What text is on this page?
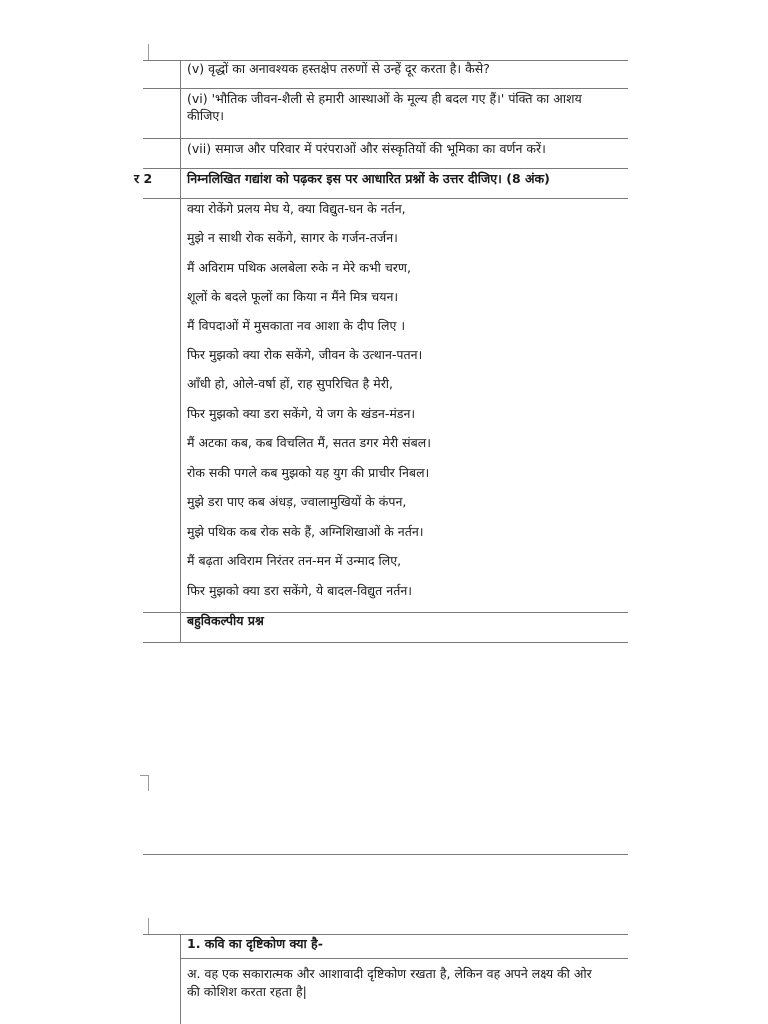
(v) वृद्धों का अनावश्यक हस्तक्षेप तरुणों से उन्हें दूर करता है। कैसे?
(vi) 'भौतिक जीवन-शैली से हमारी आस्थाओं के मूल्य ही बदल गए हैं।' पंक्ति का आशय
कीजिए।
(vii) समाज और परिवार में परंपराओं और संस्कृतियों की भूमिका का वर्णन करें।
र 2	निम्नलिखित गद्यांश को पढ़कर इस पर आधारित प्रश्नों के उत्तर दीजिए। (8 अंक)
क्या रोकेंगे प्रलय मेघ ये, क्या विद्युत-घन के नर्तन,
मुझे न साथी रोक सकेंगे, सागर के गर्जन-तर्जन।
मैं अविराम पथिक अलबेला रुके न मेरे कभी चरण,
शूलों के बदले फूलों का किया न मैंने मित्र चयन।
मैं विपदाओं में मुसकाता नव आशा के दीप लिए ।
फिर मुझको क्या रोक सकेंगे, जीवन के उत्थान-पतन।
आँधी हो, ओले-वर्षा हों, राह सुपरिचित है मेरी,
फिर मुझको क्या डरा सकेंगे, ये जग के खंडन-मंडन।
मैं अटका कब, कब विचलित मैं, सतत डगर मेरी संबल।
रोक सकी पगले कब मुझको यह युग की प्राचीर निबल।
मुझे डरा पाए कब अंधड़, ज्वालामुखियों के कंपन,
मुझे पथिक कब रोक सके हैं, अग्निशिखाओं के नर्तन।
मैं बढ़ता अविराम निरंतर तन-मन में उन्माद लिए,
फिर मुझको क्या डरा सकेंगे, ये बादल-विद्युत नर्तन।
बहुविकल्पीय प्रश्न
1. कवि का दृष्टिकोण क्या है-
अ. वह एक सकारात्मक और आशावादी दृष्टिकोण रखता है, लेकिन वह अपने लक्ष्य की ओर
की कोशिश करता रहता है|
